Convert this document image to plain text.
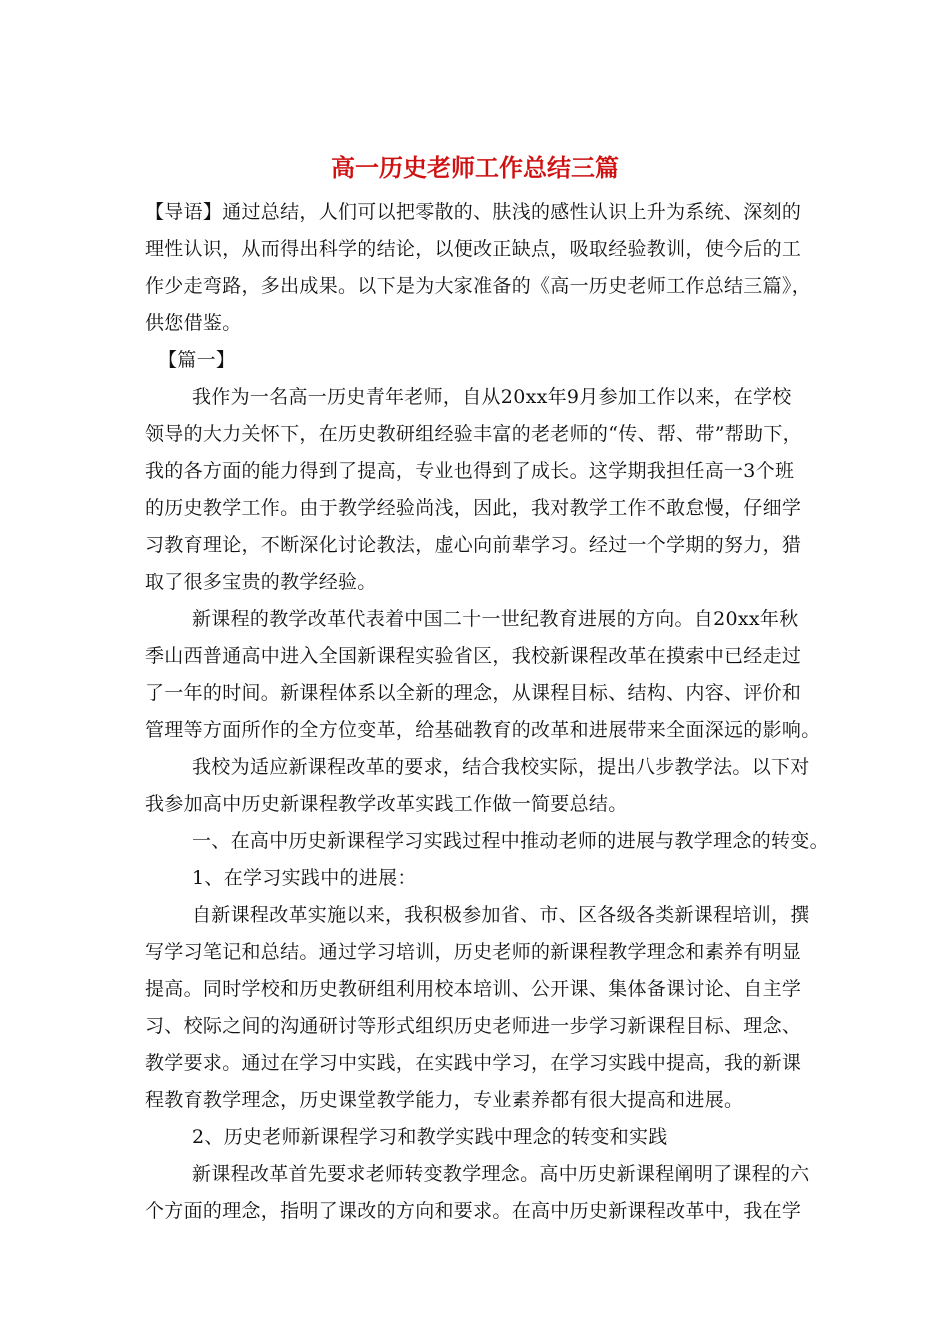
高一历史老师工作总结三篇
【导语】通过总结，人们可以把零散的、肤浅的感性认识上升为系统、深刻的
理性认识，从而得出科学的结论，以便改正缺点，吸取经验教训，使今后的工
作少走弯路，多出成果。以下是为大家准备的《高一历史老师工作总结三篇》，
供您借鉴。
【篇一】
我作为一名高一历史青年老师，自从20xx年9月参加工作以来，在学校
领导的大力关怀下，在历史教研组经验丰富的老老师的“传、帮、带”帮助下，
我的各方面的能力得到了提高，专业也得到了成长。这学期我担任高一3个班
的历史教学工作。由于教学经验尚浅，因此，我对教学工作不敢怠慢，仔细学
习教育理论，不断深化讨论教法，虚心向前辈学习。经过一个学期的努力，猎
取了很多宝贵的教学经验。
新课程的教学改革代表着中国二十一世纪教育进展的方向。自20xx年秋
季山西普通高中进入全国新课程实验省区，我校新课程改革在摸索中已经走过
了一年的时间。新课程体系以全新的理念，从课程目标、结构、内容、评价和
管理等方面所作的全方位变革，给基础教育的改革和进展带来全面深远的影响。
我校为适应新课程改革的要求，结合我校实际，提出八步教学法。以下对
我参加高中历史新课程教学改革实践工作做一简要总结。
一、在高中历史新课程学习实践过程中推动老师的进展与教学理念的转变。
1、在学习实践中的进展：
自新课程改革实施以来，我积极参加省、市、区各级各类新课程培训，撰
写学习笔记和总结。通过学习培训，历史老师的新课程教学理念和素养有明显
提高。同时学校和历史教研组利用校本培训、公开课、集体备课讨论、自主学
习、校际之间的沟通研讨等形式组织历史老师进一步学习新课程目标、理念、
教学要求。通过在学习中实践，在实践中学习，在学习实践中提高，我的新课
程教育教学理念，历史课堂教学能力，专业素养都有很大提高和进展。
2、历史老师新课程学习和教学实践中理念的转变和实践
新课程改革首先要求老师转变教学理念。高中历史新课程阐明了课程的六
个方面的理念，指明了课改的方向和要求。在高中历史新课程改革中，我在学
